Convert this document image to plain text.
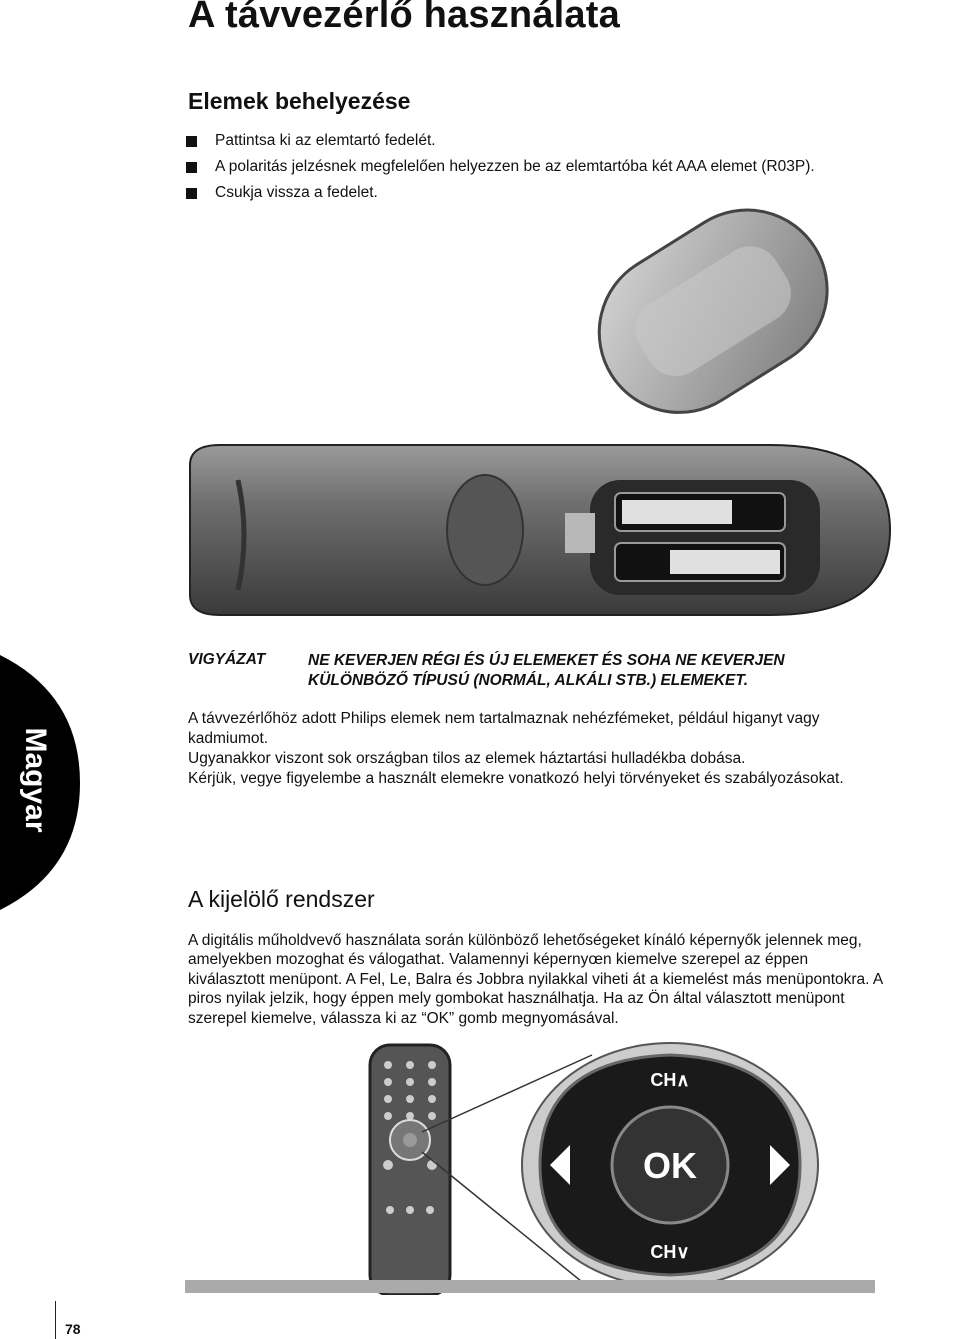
A távvezérlő használata
Elemek behelyezése
Pattintsa ki az elemtartó fedelét.
A polaritás jelzésnek megfelelően helyezzen be az elemtartóba két AAA elemet (R03P).
Csukja vissza a fedelet.
VIGYÁZAT	NE KEVERJEN RÉGI ÉS ÚJ ELEMEKET ÉS SOHA NE KEVERJEN KÜLÖNBÖZŐ TÍPUSÚ (NORMÁL, ALKÁLI STB.) ELEMEKET.

A távvezérlőhöz adott Philips elemek nem tartalmaznak nehézfémeket, például higanyt vagy kadmiumot.

Ugyanakkor viszont sok országban tilos az elemek háztartási hulladékba dobása.

Kérjük, vegye figyelembe a használt elemekre vonatkozó helyi törvényeket és szabályozásokat.

Magyar
A kijelölő rendszer

A digitális műholdvevő használata során különböző lehetőségeket kínáló képernyők jelennek meg, amelyekben mozoghat és válogathat. Valamennyi képernyœn kiemelve szerepel az éppen kiválasztott menüpont. A Fel, Le, Balra és Jobbra nyilakkal viheti át a kiemelést más menüpontokra. A piros nyilak jelzik, hogy éppen mely gombokat használhatja. Ha az Ön által választott menüpont szerepel kiemelve, válassza ki az “OK” gomb megnyomásával.

OK
CH∧
CH∨
78
